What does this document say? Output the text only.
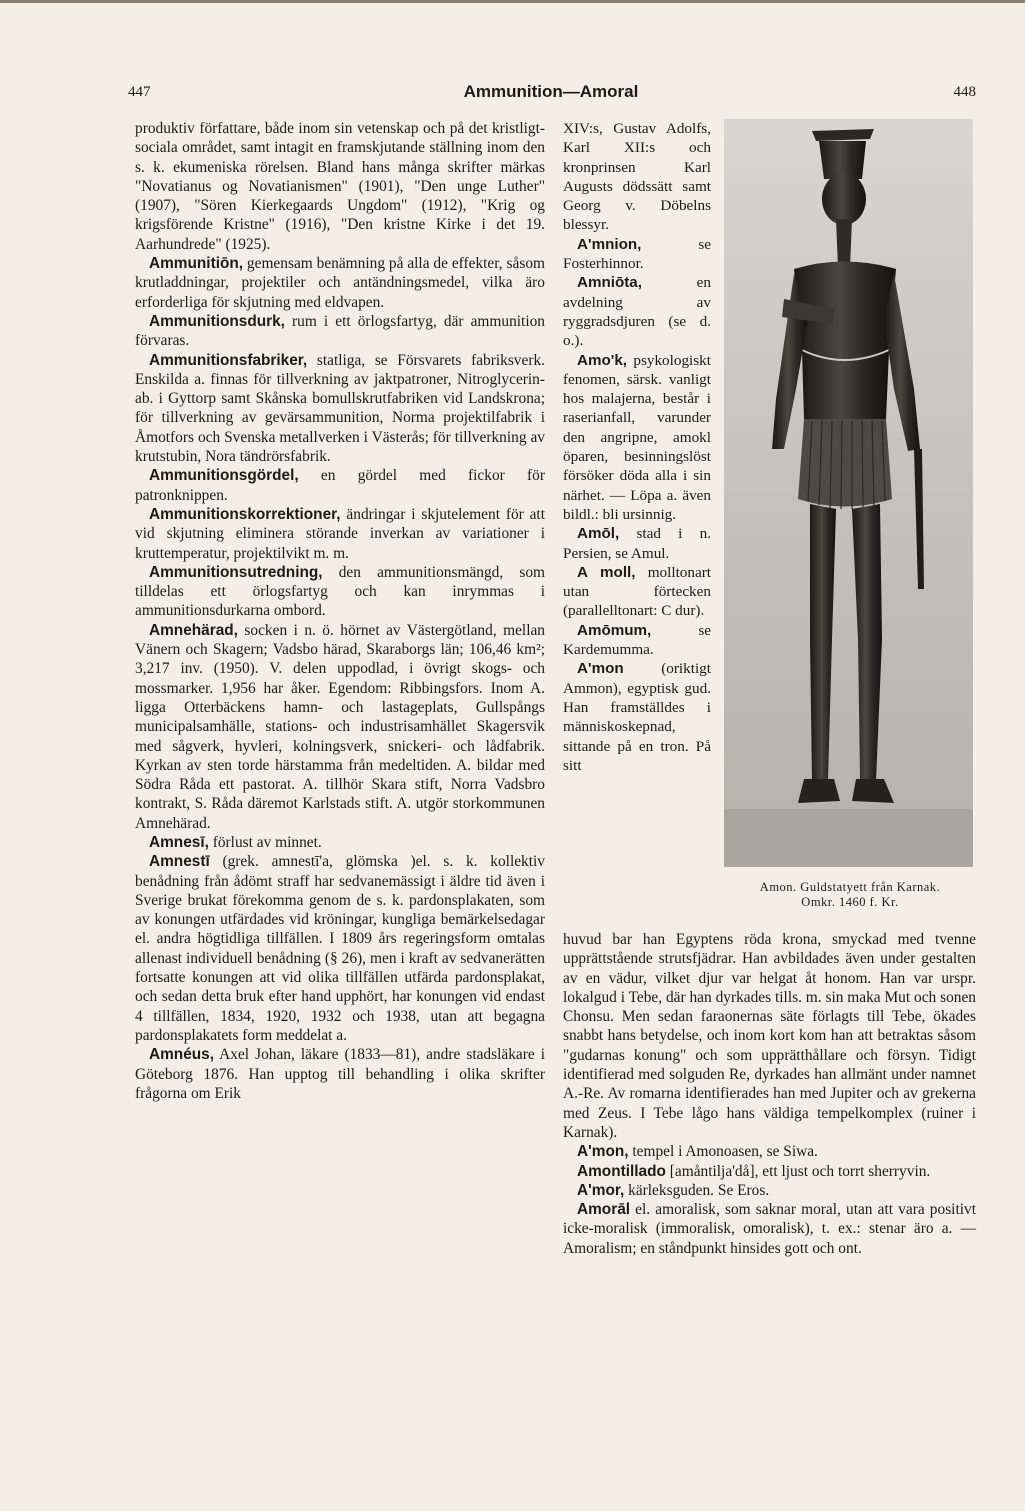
447	Ammunition—Amoral	448

produktiv författare, både inom sin vetenskap och på det kristligt-sociala området, samt intagit en framskjutande ställning inom den s. k. ekumeniska rörelsen. Bland hans många skrifter märkas "Novatianus og Novatianismen" (1901), "Den unge Luther" (1907), "Sören Kierkegaards Ungdom" (1912), "Krig og krigsförende Kristne" (1916), "Den kristne Kirke i det 19. Aarhundrede" (1925).

Ammunitiōn, gemensam benämning på alla de effekter, såsom krutladdningar, projektiler och antändningsmedel, vilka äro erforderliga för skjutning med eldvapen.

Ammunitionsdurk, rum i ett örlogsfartyg, där ammunition förvaras.

Ammunitionsfabriker, statliga, se Försvarets fabriksverk. Enskilda a. finnas för tillverkning av jaktpatroner, Nitroglycerin-ab. i Gyttorp samt Skånska bomullskrutfabriken vid Landskrona; för tillverkning av gevärsammunition, Norma projektilfabrik i Åmotfors och Svenska metallverken i Västerås; för tillverkning av krutstubin, Nora tändrörsfabrik.

Ammunitionsgördel, en gördel med fickor för patronknippen.

Ammunitionskorrektioner, ändringar i skjutelement för att vid skjutning eliminera störande inverkan av variationer i kruttemperatur, projektilvikt m. m.

Ammunitionsutredning, den ammunitionsmängd, som tilldelas ett örlogsfartyg och kan inrymmas i ammunitionsdurkarna ombord.

Amnehärad, socken i n. ö. hörnet av Västergötland, mellan Vänern och Skagern; Vadsbo härad, Skaraborgs län; 106,46 km²; 3,217 inv. (1950). V. delen uppodlad, i övrigt skogs- och mossmarker. 1,956 har åker. Egendom: Ribbingsfors. Inom A. ligga Otterbäckens hamn- och lastageplats, Gullspångs municipalsamhälle, stations- och industrisamhället Skagersvik med sågverk, hyvleri, kolningsverk, snickeri- och lådfabrik. Kyrkan av sten torde härstamma från medeltiden. A. bildar med Södra Råda ett pastorat. A. tillhör Skara stift, Norra Vadsbro kontrakt, S. Råda däremot Karlstads stift. A. utgör storkommunen Amnehärad.

Amnesī, förlust av minnet.

Amnestī (grek. amnestī'a, glömska )el. s. k. kollektiv benådning från ådömt straff har sedvanemässigt i äldre tid även i Sverige brukat förekomma genom de s. k. pardonsplakaten, som av konungen utfärdades vid kröningar, kungliga bemärkelsedagar el. andra högtidliga tillfällen. I 1809 års regeringsform omtalas allenast individuell benådning (§ 26), men i kraft av sedvanerätten fortsatte konungen att vid olika tillfällen utfärda pardonsplakat, och sedan detta bruk efter hand upphört, har konungen vid endast 4 tillfällen, 1834, 1920, 1932 och 1938, utan att begagna pardonsplakatets form meddelat a.

Amnéus, Axel Johan, läkare (1833—81), andre stadsläkare i Göteborg 1876. Han upptog till behandling i olika skrifter frågorna om Erik

XIV:s, Gustav Adolfs, Karl XII:s och kronprinsen Karl Augusts dödssätt samt Georg v. Döbelns blessyr.

A'mnion, se Fosterhinnor.

Amniōta, en avdelning av ryggradsdjuren (se d. o.).

Amo'k, psykologiskt fenomen, särsk. vanligt hos malajerna, består i raserianfall, varunder den angripne, amokl öparen, besinningslöst försöker döda alla i sin närhet. — Löpa a. även bildl.: bli ursinnig.

Amōl, stad i n. Persien, se Amul.

A moll, molltonart utan förtecken (parallelltonart: C dur).

Amōmum, se Kardemumma.

A'mon (oriktigt Ammon), egyptisk gud. Han framställdes i människoskepnad, sittande på en tron. På sitt

huvud bar han Egyptens röda krona, smyckad med tvenne upprättstående strutsfjädrar. Han avbildades även under gestalten av en vädur, vilket djur var helgat åt honom. Han var urspr. lokalgud i Tebe, där han dyrkades tills. m. sin maka Mut och sonen Chonsu. Men sedan faraonernas säte förlagts till Tebe, ökades snabbt hans betydelse, och inom kort kom han att betraktas såsom "gudarnas konung" och som upprätthållare och försyn. Tidigt identifierad med solguden Re, dyrkades han allmänt under namnet A.-Re. Av romarna identifierades han med Jupiter och av grekerna med Zeus. I Tebe lågo hans väldiga tempelkomplex (ruiner i Karnak).

A'mon, tempel i Amonoasen, se Siwa.

Amontillado [amåntilja'då], ett ljust och torrt sherryvin.

A'mor, kärleksguden. Se Eros.

Amorāl el. amoralisk, som saknar moral, utan att vara positivt icke-moralisk (immoralisk, omoralisk), t. ex.: stenar äro a. — Amoralism; en ståndpunkt hinsides gott och ont.

Amon. Guldstatyett från Karnak.
Omkr. 1460 f. Kr.
